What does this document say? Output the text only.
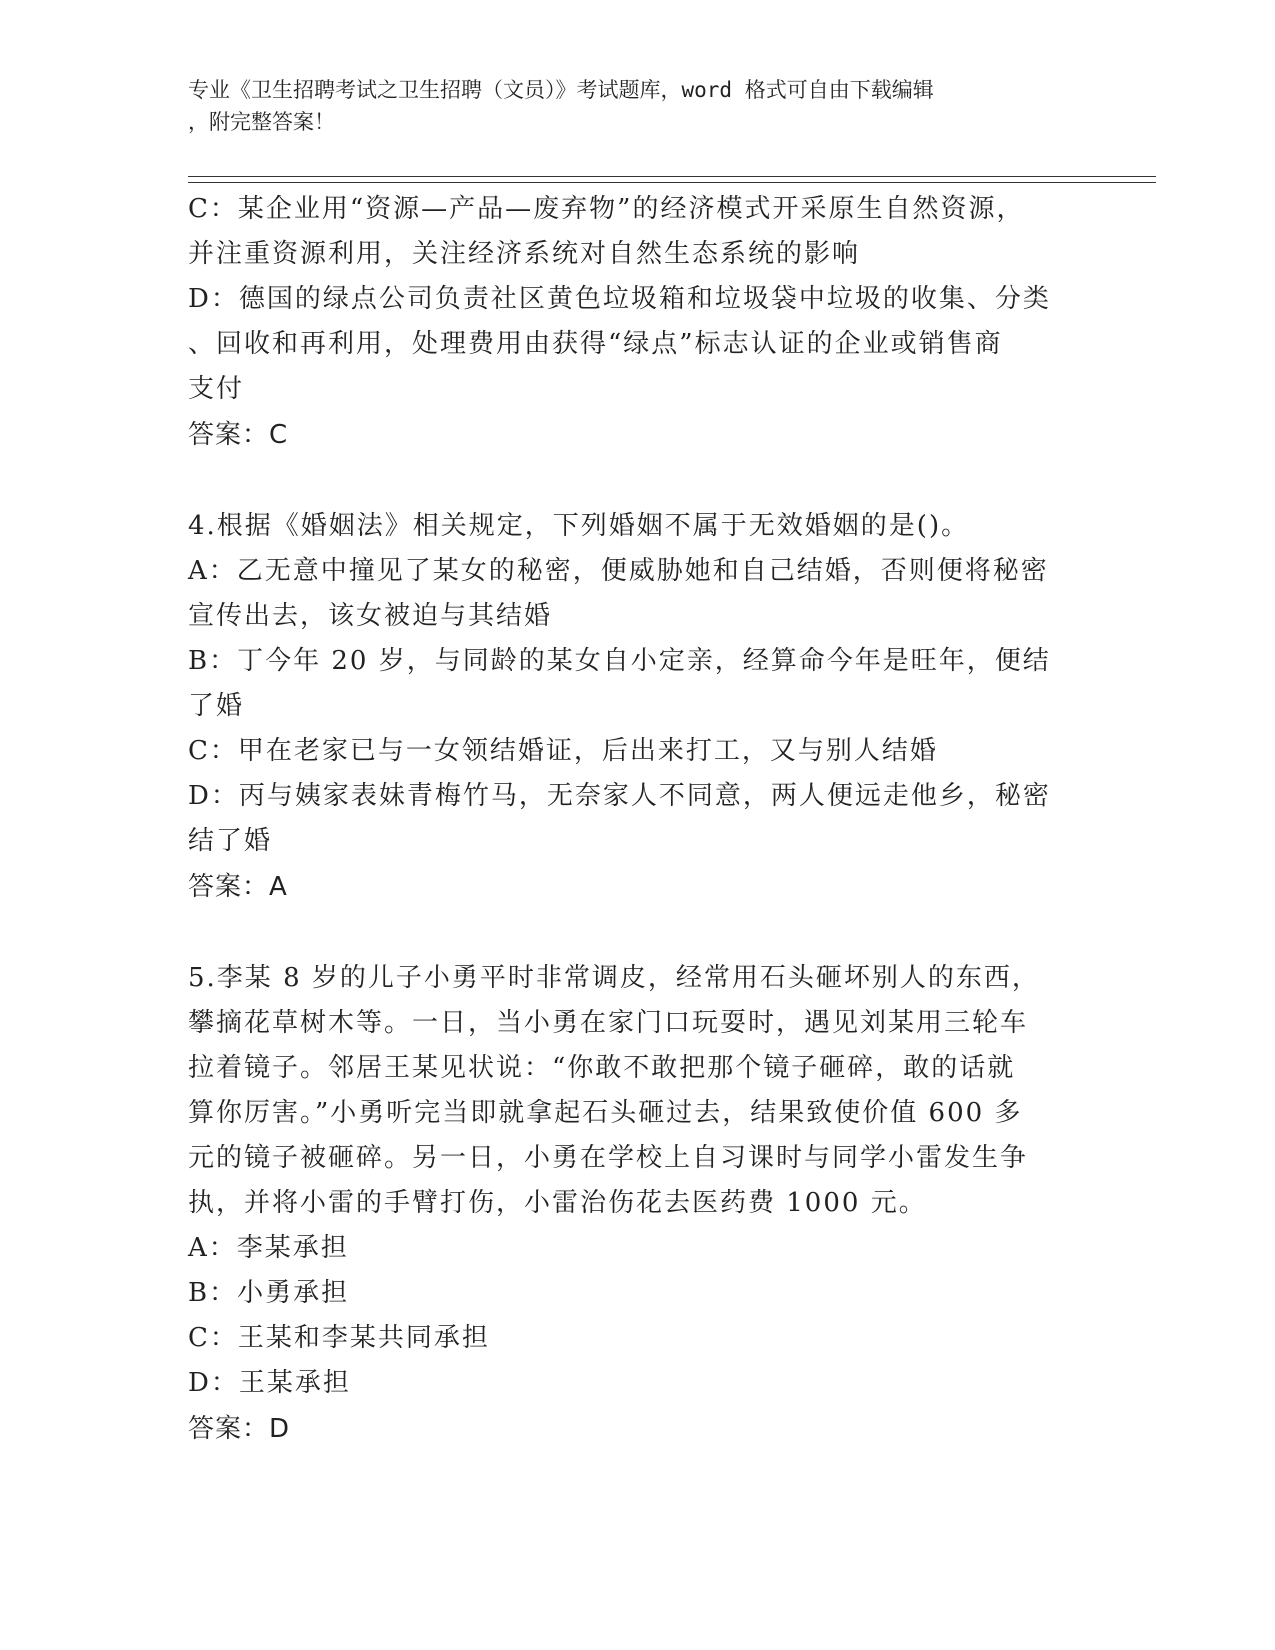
专业《卫生招聘考试之卫生招聘（文员）》考试题库，word 格式可自由下载编辑
，附完整答案！
C：某企业用“资源—产品—废弃物”的经济模式开采原生自然资源，
并注重资源利用，关注经济系统对自然生态系统的影响
D：德国的绿点公司负责社区黄色垃圾箱和垃圾袋中垃圾的收集、分类
、回收和再利用，处理费用由获得“绿点”标志认证的企业或销售商
支付
答案：C
4.根据《婚姻法》相关规定，下列婚姻不属于无效婚姻的是()。
A：乙无意中撞见了某女的秘密，便威胁她和自己结婚，否则便将秘密
宣传出去，该女被迫与其结婚
B：丁今年 20 岁，与同龄的某女自小定亲，经算命今年是旺年，便结
了婚
C：甲在老家已与一女领结婚证，后出来打工，又与别人结婚
D：丙与姨家表妹青梅竹马，无奈家人不同意，两人便远走他乡，秘密
结了婚
答案：A
5.李某 8 岁的儿子小勇平时非常调皮，经常用石头砸坏别人的东西，
攀摘花草树木等。一日，当小勇在家门口玩耍时，遇见刘某用三轮车
拉着镜子。邻居王某见状说：“你敢不敢把那个镜子砸碎，敢的话就
算你厉害。”小勇听完当即就拿起石头砸过去，结果致使价值 600 多
元的镜子被砸碎。另一日，小勇在学校上自习课时与同学小雷发生争
执，并将小雷的手臂打伤，小雷治伤花去医药费 1000 元。
A：李某承担
B：小勇承担
C：王某和李某共同承担
D：王某承担
答案：D
